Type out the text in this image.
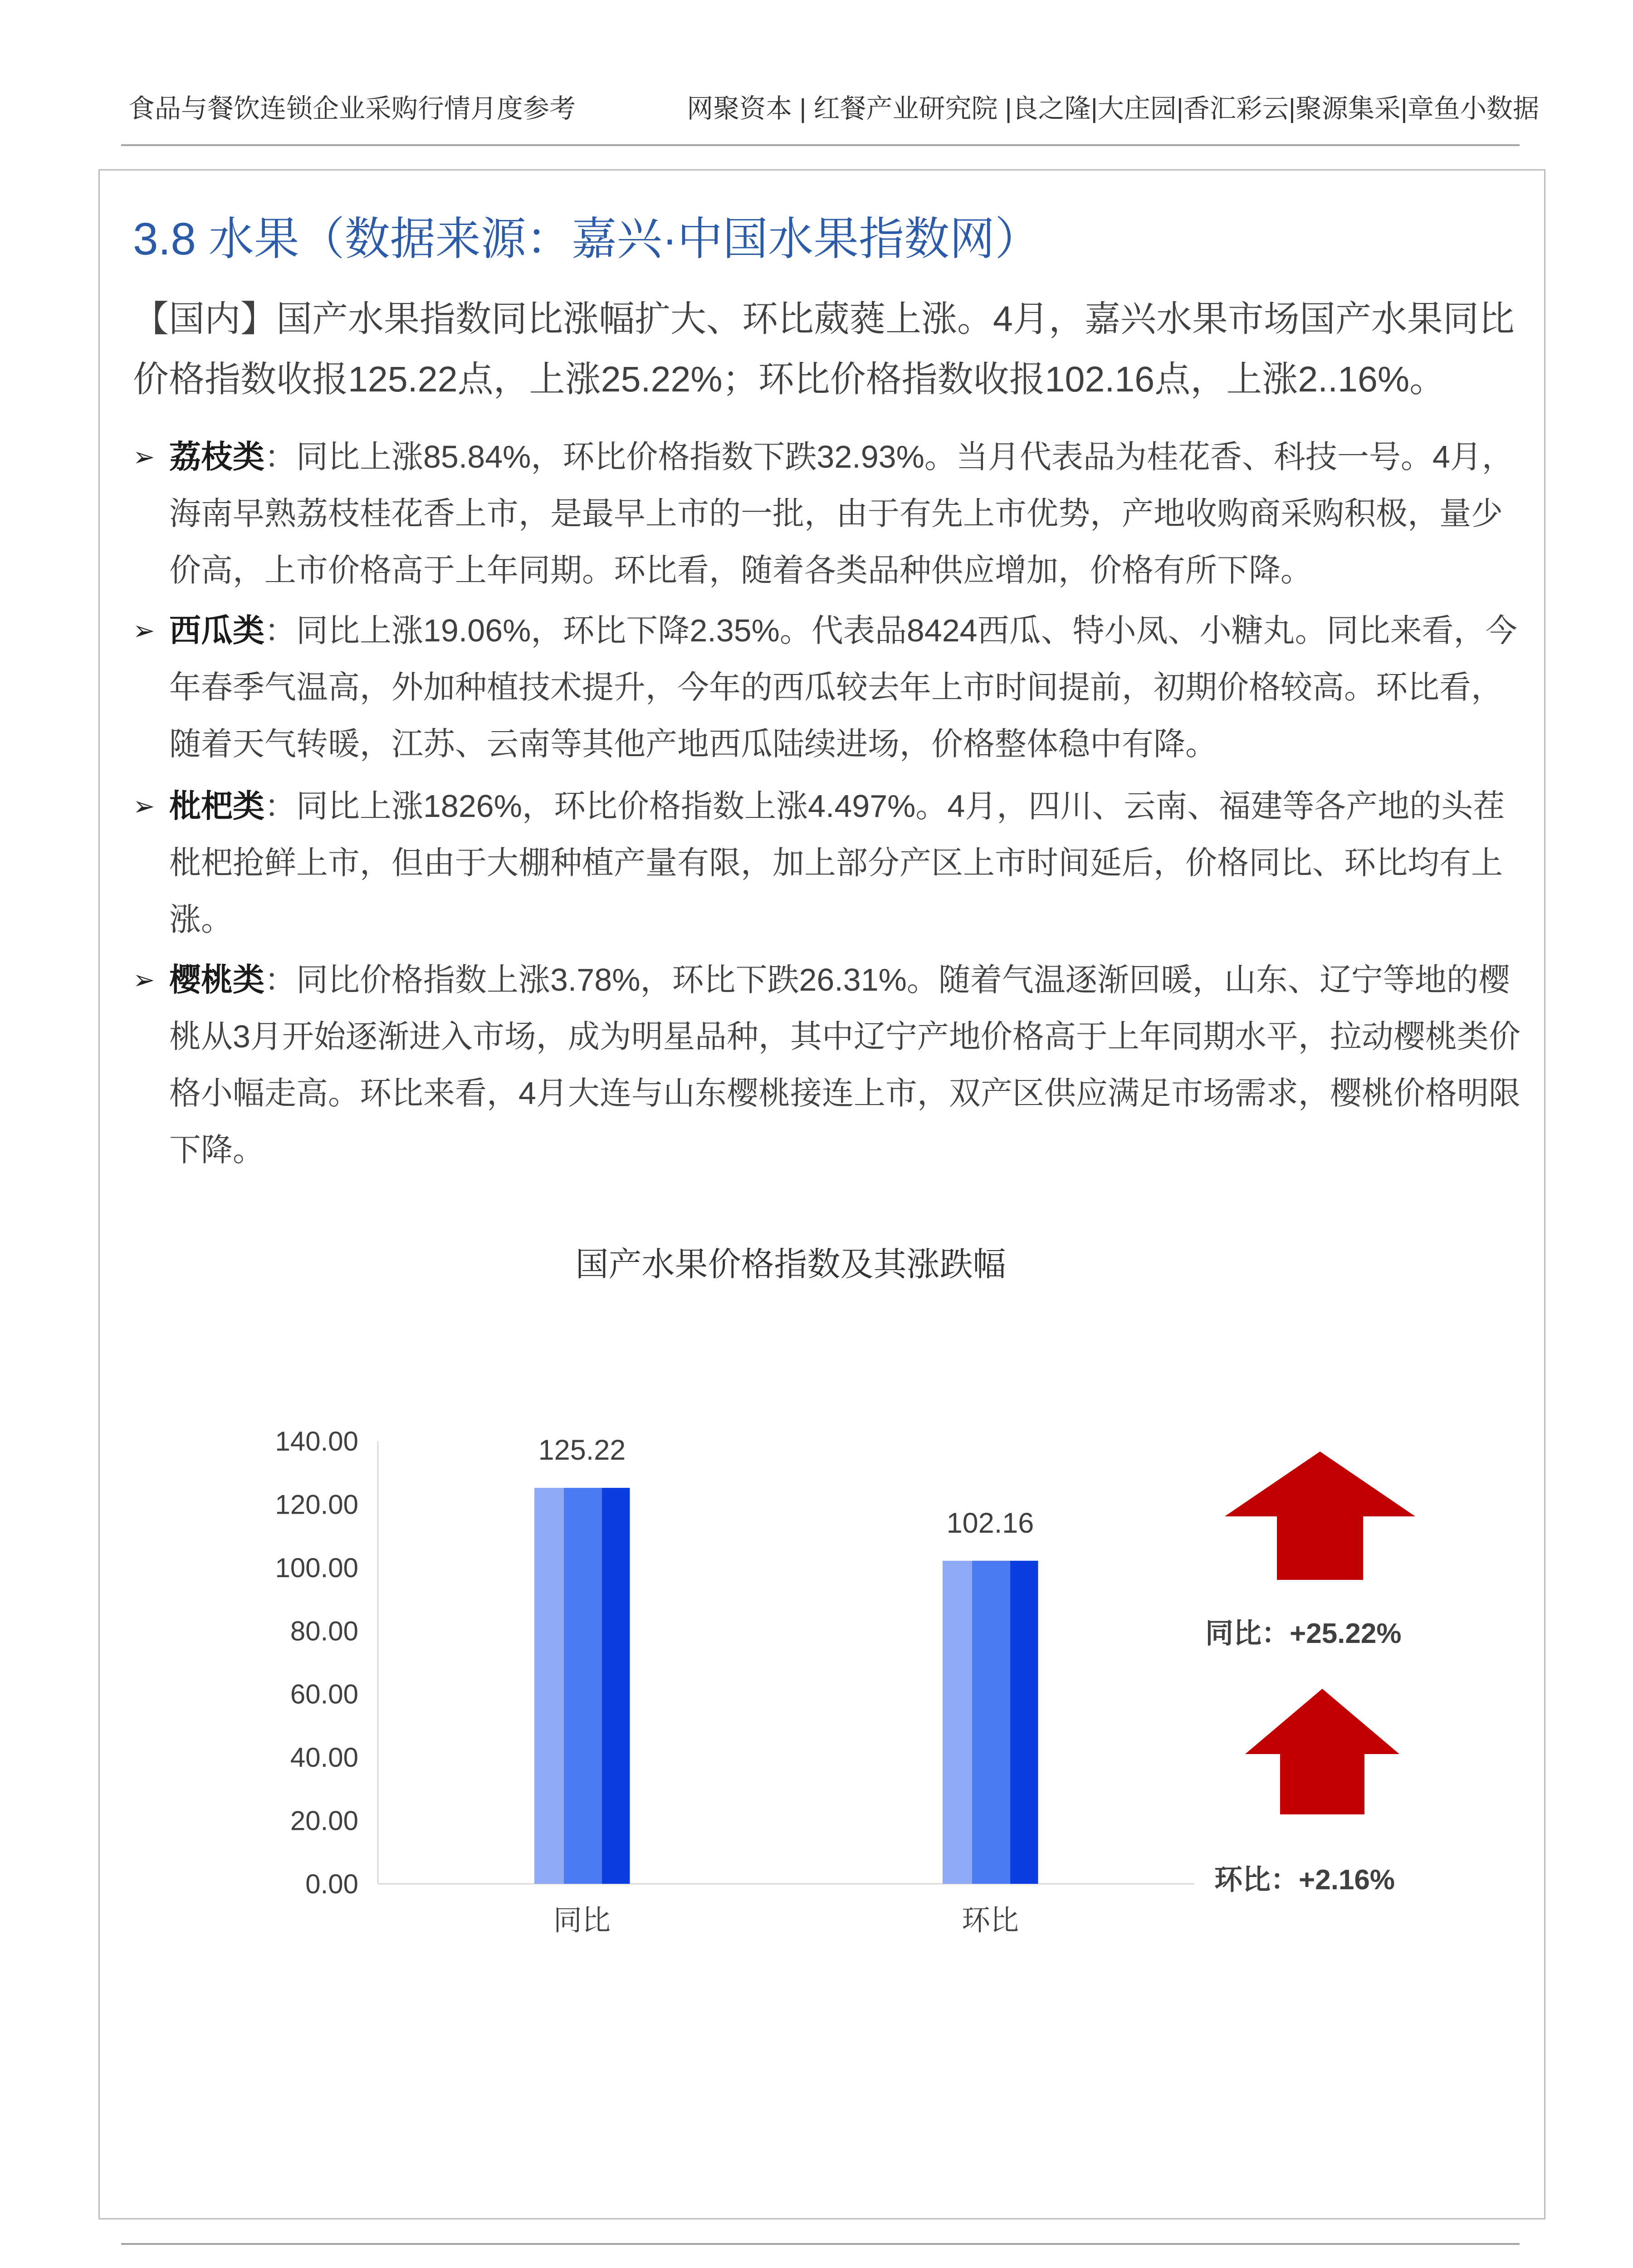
食品与餐饮连锁企业采购行情月度参考	网聚资本 | 红餐产业研究院 |良之隆|大庄园|香汇彩云|聚源集采|章鱼小数据
3.8 水果（数据来源：嘉兴·中国水果指数网）

【国内】国产水果指数同比涨幅扩大、环比葳蕤上涨。4月，嘉兴水果市场国产水果同比价格指数收报125.22点，上涨25.22%；环比价格指数收报102.16点，上涨2..16%。

➢

荔枝类：同比上涨85.84%，环比价格指数下跌32.93%。当月代表品为桂花香、科技一号。4月，海南早熟荔枝桂花香上市，是最早上市的一批，由于有先上市优势，产地收购商采购积极，量少价高，上市价格高于上年同期。环比看，随着各类品种供应增加，价格有所下降。

➢

西瓜类：同比上涨19.06%，环比下降2.35%。代表品8424西瓜、特小凤、小糖丸。同比来看，今年春季气温高，外加种植技术提升，今年的西瓜较去年上市时间提前，初期价格较高。环比看，随着天气转暖，江苏、云南等其他产地西瓜陆续进场，价格整体稳中有降。

➢

枇杷类：同比上涨1826%，环比价格指数上涨4.497%。4月，四川、云南、福建等各产地的头茬枇杷抢鲜上市，但由于大棚种植产量有限，加上部分产区上市时间延后，价格同比、环比均有上涨。

➢

樱桃类：同比价格指数上涨3.78%，环比下跌26.31%。随着气温逐渐回暖，山东、辽宁等地的樱桃从3月开始逐渐进入市场，成为明星品种，其中辽宁产地价格高于上年同期水平，拉动樱桃类价格小幅走高。环比来看，4月大连与山东樱桃接连上市，双产区供应满足市场需求，樱桃价格明限下降。

国产水果价格指数及其涨跌幅
0.00
20.00
40.00
60.00
80.00
100.00
120.00
140.00	125.22
102.16
同比	环比
同比：+25.22%
环比：+2.16%
